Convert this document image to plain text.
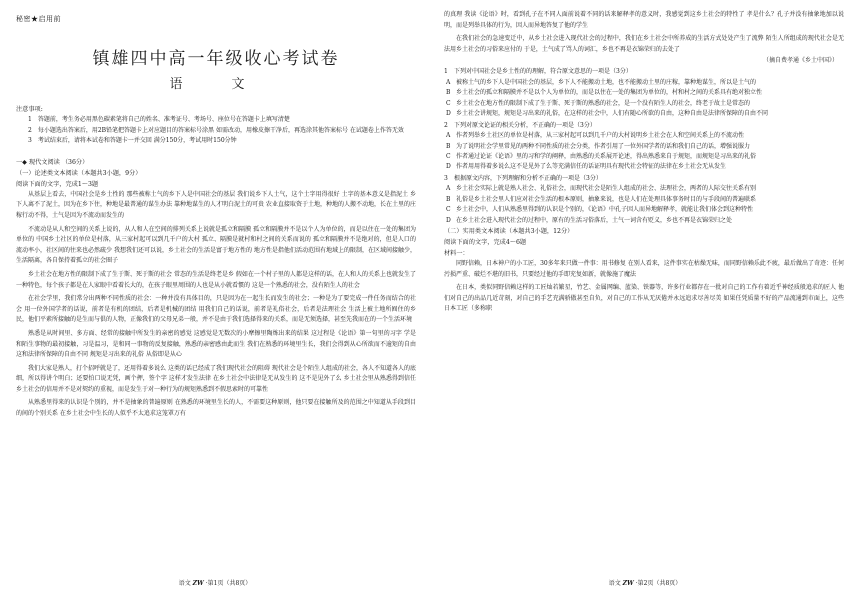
秘密★启用前
镇雄四中高一年级收心考试卷
语　文
注意事项:
1　答题前，考生务必用黑色碳素笔将自己的姓名、准考证号、考场号、座位号在答题卡上填写清楚
2　每小题选出答案后，用2B铅笔把答题卡上对应题目的答案标号涂黑 如需改动，用橡皮擦干净后，再选涂其他答案标号 在试题卷上作答无效
3　考试结束后，请将本试卷和答题卡一并交回 满分150分，考试用时150分钟
一◆ 现代文阅读 （36分）
（一）论述类文本阅读（本题共3小题，9分）
阅读下面的文字，完成1～3题
从基层上看去，中国社会是乡土性的 那些被称土气的乡下人是中国社会的基层 我们说乡下人土气，这个土字用得很好 土字的基本意义是指泥土 乡下人离不了泥土，因为在乡下住，种地是最普通的谋生办法 靠种地谋生的人才明白泥土的可贵 农业直接取资于土地，种地的人搬不动地，长在土里的庄稼行动不得，土气是因为不流动而发生的
不流动是从人和空间的关系上说的，从人和人在空间的排列关系上说就是孤立和隔膜 孤立和隔膜并不是以个人为单位的，而是以住在一处的集团为单位的 中国乡土社区的单位是村落，从三家村起可以到几千户的大村 孤立、隔膜是就村和村之间的关系而说的 孤立和隔膜并不是绝对的，但是人口的流动率小，社区间的往来也必然疏少 我想我们还可以说，乡土社会的生活是富于地方性的 地方性是指他们活动范围有地域上的限制，在区域间接触少，生活隔离，各自保持着孤立的社会圈子
乡土社会在地方性的限制下成了生于斯、死于斯的社会 常态的生活是终老是乡 假如在一个村子里的人都是这样的话，在人和人的关系上也就发生了一种特色，每个孩子都是在人家眼中看着长大的，在孩子眼里周围的人也是从小就看惯的 这是一个熟悉的社会，没有陌生人的社会
在社会学里，我们常分出两种不同性质的社会：一种并没有具体目的，只是因为在一起生长而发生的社会；一种是为了要完成一件任务而结合的社会 用一位外国学者的话说，前者是有机的团结，后者是机械的团结 用我们自己的话说，前者是礼俗社会，后者是法理社会 生活上被土地所囿住的乡民，他们平素所接触的是生而与俱的人物，正像我们的父母兄弟一般，并不是由于我们选择得来的关系，而是无须选择，甚至先我而在的一个生活环境
熟悉是从时间里、多方面、经常的接触中所发生的亲密的感觉 这感觉是无数次的小摩擦里陶炼出来的结果 这过程是《论语》第一句里的习字 学是和陌生事物的最初接触，习是温习，是和同一事物的反复接触，熟悉的亲密感由此而生 我们在熟悉的环境里生长，我们会得到从心所欲而不逾矩的自由 这和法律所保障的自由不同 规矩是习出来的礼俗 从俗即是从心
我们大家是熟人，打个招呼就是了，还用得着多说么 这类的话已经成了我们现代社会的阻碍 现代社会是个陌生人组成的社会，各人不知道各人的底细，所以得讲个明白；还要怕口说无凭，画个押，签个字 这样才发生法律 在乡土社会中法律是无从发生的 这不是见外了么 乡土社会里从熟悉得到信任 乡土社会的信用并不是对契约的重视，而是发生于对一种行为的规矩熟悉到不假思索时的可靠性
从熟悉里得来的认识是个别的，并不是抽象的普遍原则 在熟悉的环境里生长的人，不需要这种原则，他只要在接触所及的范围之中知道从手段到目的间的个别关系 在乡土社会中生长的人似乎不太追求这笼罩万有
语文 ZW ·第1页（共8页）
的真理 我读《论语》时，看到孔子在不同人面前说着不同的话来解释孝的意义时，我感觉到这乡土社会的特性了 孝是什么？孔子并没有抽象地加以说明，而是列举具体的行为，因人而异地答复了他的学生
在我们社会的急速变迁中，从乡土社会进入现代社会的过程中，我们在乡土社会中所养成的生活方式处处产生了流弊 陌生人所组成的现代社会是无法用乡土社会的习俗来应付的 于是，土气成了骂人的词汇，乡也不再是衣锦荣归的去处了
（摘自费孝通《乡土中国》）
1	下列对中国社会是乡土性的的理解，符合原文意思的一项是（3分）
A 被称土气的乡下人是中国社会的基层，乡下人不能搬动土地，也不能搬动土里的庄稼，靠种地谋生，所以是土气的
B 乡土社会的孤立和隔膜并不是以个人为单位的，而是以住在一处的集团为单位的，村和村之间的关系具有绝对独立性
C 乡土社会在地方性的限制下成了生于斯、死于斯的熟悉的社会，是一个没有陌生人的社会，终老于故土是常态的
D 乡土社会讲规矩，规矩是习出来的礼俗，在这样的社会中，人们有随心所欲的自由，这种自由是法律所保障的自由不同
2	下列对原文论证的相关分析，不正确的一项是（3分）
A 作者列举乡土社区的单位是村落，从三家村起可以到几千户的大村说明乡土社会在人和空间关系上的不流动性
B 为了说明社会学里常见的两种不同性质的社会分类，作者引用了一位外国学者的话和我们自己的话，增强说服力
C 作者通过论证《论语》里的习和学的阐释，由熟悉的关系展开论述，得出熟悉来自于规矩，而规矩是习出来的礼俗
D 作者用用得着多说么这不是见外了么等充满信任的话证明具有现代社会特征的法律在乡土社会无从发生
3	根据原文内容，下列理解和分析不正确的一项是（3分）
A 乡土社会实际上就是熟人社会、礼俗社会，而现代社会是陌生人组成的社会、法理社会，两者的人际交往关系有别
B 礼俗是乡土社会里人们应对社会生活的根本原则，抽象来说，也是人们在处理具体事务时目的与手段间的普遍联系
C 乡土社会中，人们从熟悉里得到的认识是个别的，《论语》中孔子因人而异地解释孝，就能让我们体会到这种特性
D 在乡土社会进入现代社会的过程中，原有的生活习俗落后，土气一词含有贬义，乡也不再是衣锦荣归之处
（二）实用类文本阅读（本题共3小题，12分）
阅读下面的文字，完成4～6题
材料一：
同野信赖，日本神户的小工匠，30多年来只做一件事：用书修复 在别人看来，这件事实在枯燥无味，而同野信赖乐此不疲，最后做出了奇迹：任何污损严重、破烂不堪的旧书，只要经过他的手即充复如新，就像施了魔法
在日本，类似同野信赖这样的工匠灿若繁星，竹艺、金属网编、蓝染、铁器等，许多行业都存在一批对自己的工作有着近乎神经质般追求的匠人 他们对自己的出品几近苛刻，对自己的手艺充满骄傲甚至自负，对自己的工作从无厌倦并永远追求尽善尽美 如果任凭质量不好的产品流通到市面上，这些日本工匠（多称职
语文 ZW ·第2页（共8页）
